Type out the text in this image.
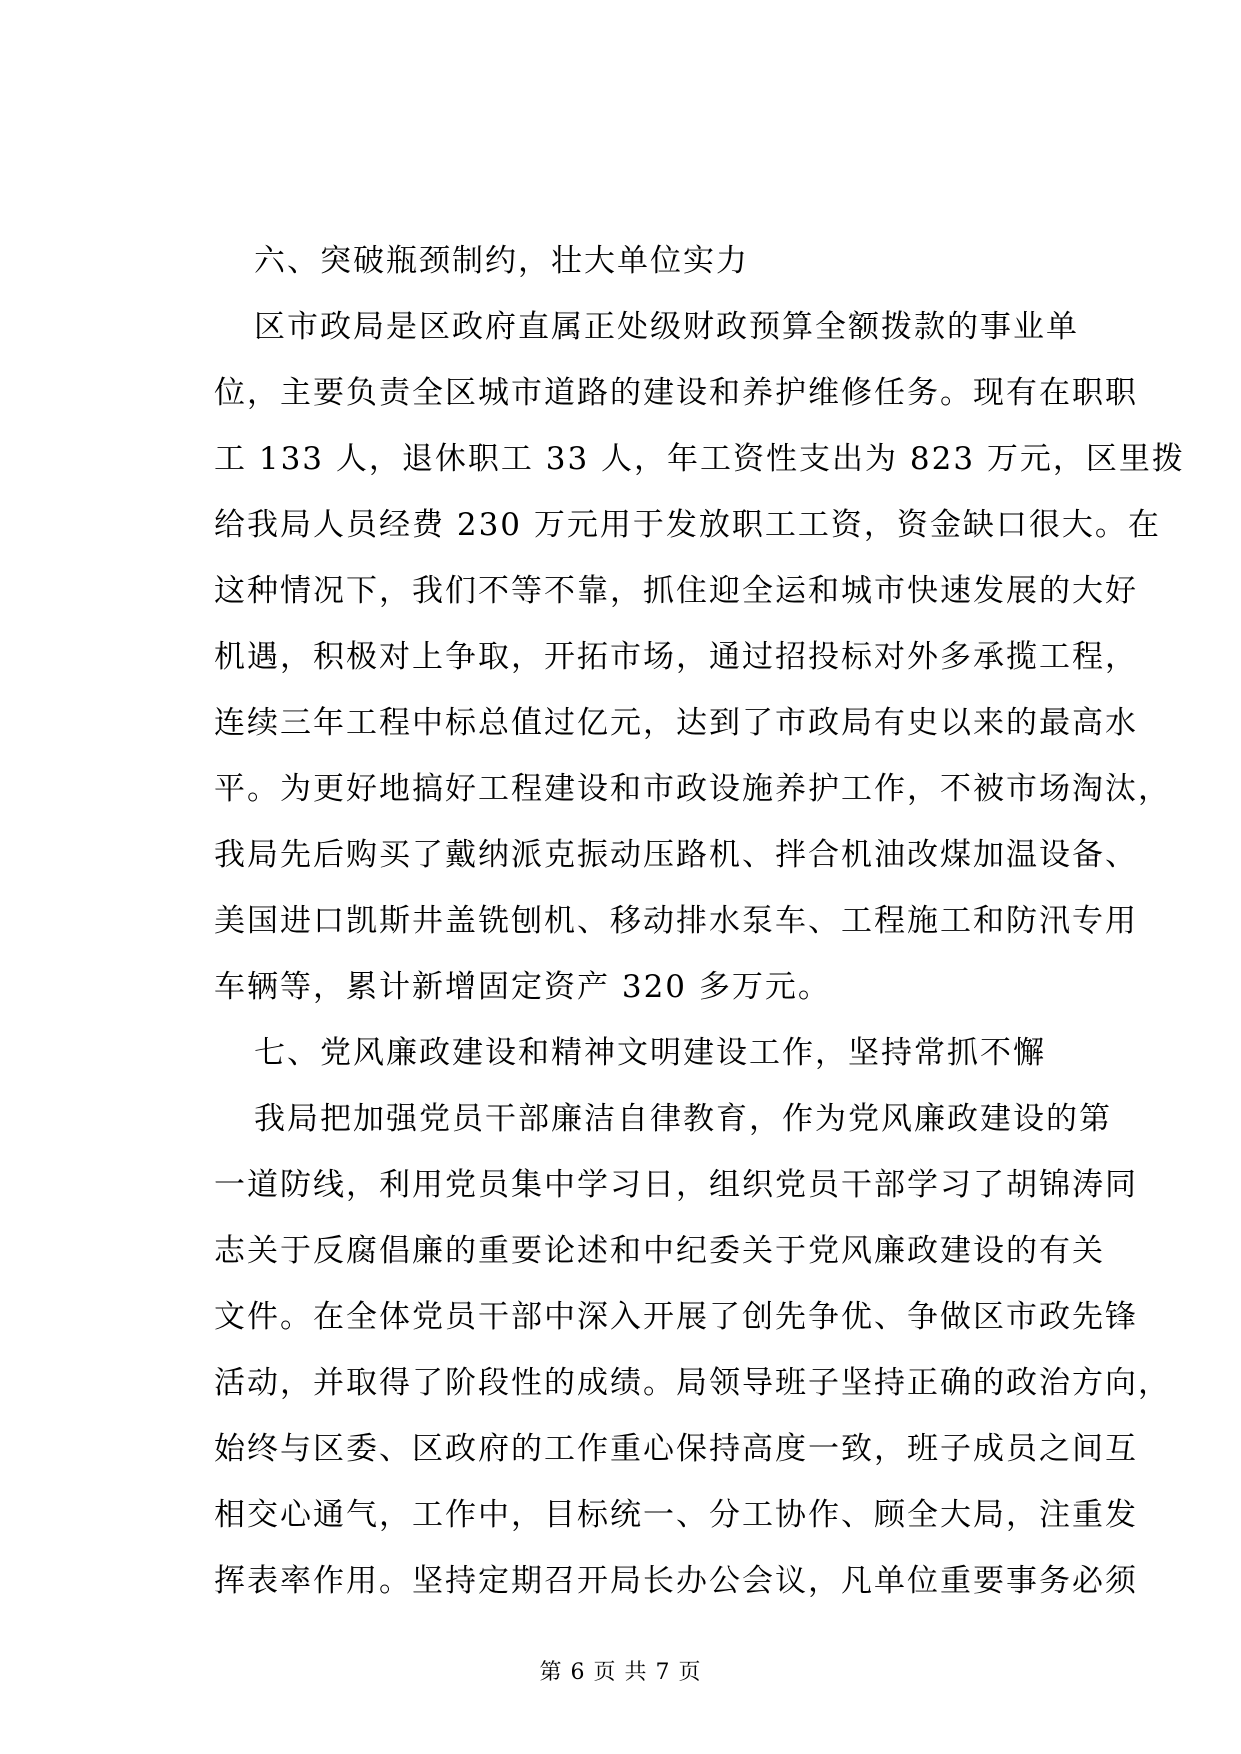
六、突破瓶颈制约，壮大单位实力
区市政局是区政府直属正处级财政预算全额拨款的事业单
位，主要负责全区城市道路的建设和养护维修任务。现有在职职
工 133 人，退休职工 33 人，年工资性支出为 823 万元，区里拨
给我局人员经费 230 万元用于发放职工工资，资金缺口很大。在
这种情况下，我们不等不靠，抓住迎全运和城市快速发展的大好
机遇，积极对上争取，开拓市场，通过招投标对外多承揽工程，
连续三年工程中标总值过亿元，达到了市政局有史以来的最高水
平。为更好地搞好工程建设和市政设施养护工作，不被市场淘汰，
我局先后购买了戴纳派克振动压路机、拌合机油改煤加温设备、
美国进口凯斯井盖铣刨机、移动排水泵车、工程施工和防汛专用
车辆等，累计新增固定资产 320 多万元。
七、党风廉政建设和精神文明建设工作，坚持常抓不懈
我局把加强党员干部廉洁自律教育，作为党风廉政建设的第
一道防线，利用党员集中学习日，组织党员干部学习了胡锦涛同
志关于反腐倡廉的重要论述和中纪委关于党风廉政建设的有关
文件。在全体党员干部中深入开展了创先争优、争做区市政先锋
活动，并取得了阶段性的成绩。局领导班子坚持正确的政治方向，
始终与区委、区政府的工作重心保持高度一致，班子成员之间互
相交心通气，工作中，目标统一、分工协作、顾全大局，注重发
挥表率作用。坚持定期召开局长办公会议，凡单位重要事务必须
第 6 页 共 7 页
